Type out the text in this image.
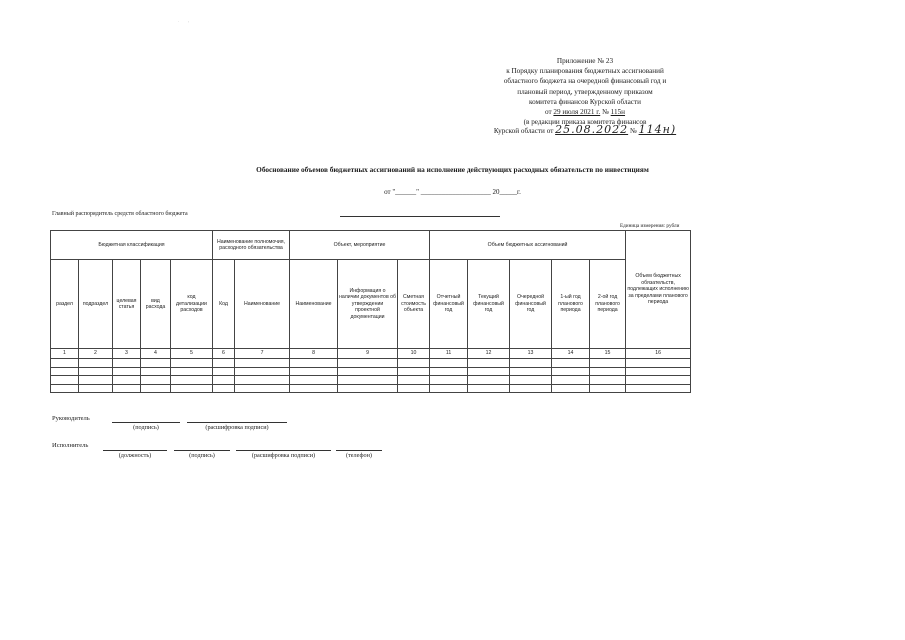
.         ,
Приложение № 23
к Порядку планирования бюджетных ассигнований
областного бюджета на очередной финансовый год и
плановый период, утвержденному приказом
комитета финансов Курской области
от 29 июля 2021 г. № 115н
(в редакции приказа комитета финансов
Курской области от 25.08.2022 № 114н)
Обоснование объемов бюджетных ассигнований на исполнение действующих расходных обязательств по инвестициям
от "______" ____________________ 20_____г.
Главный распорядитель средств областного бюджета
Единица измерения: рубли
Бюджетная классификация					Наименование полномочия, расходного обязательства		Объект, мероприятие			Объем бюджетных ассигнований					Объем бюджетных обязательств, подлежащих исполнению за пределами планового периода
раздел	подраздел	целевая статья	вид расхода	код детализации расходов	Код	Наименование	Наименование	Информация о наличии документов об утверждении проектной документации	Сметная стоимость объекта	Отчетный финансовый год	Текущий финансовый год	Очередной финансовый год	1-ый год планового периода	2-ой год планового периода	
1	2	3	4	5	6	7	8	9	10	11	12	13	14	15	16

Руководитель
(подпись)	(расшифровка подписи)
Исполнитель
(должность)	(подпись)	(расшифровка подписи)	(телефон)
